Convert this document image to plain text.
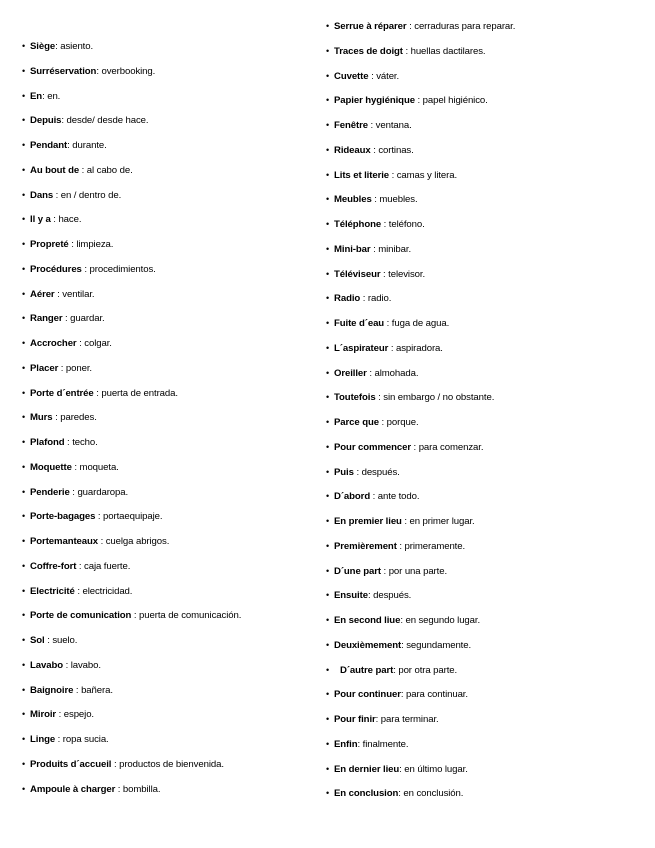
• Siège: asiento.
• Surréservation: overbooking.
• En: en.
• Depuis: desde/ desde hace.
• Pendant: durante.
• Au bout de : al cabo de.
• Dans : en / dentro de.
• Il y a : hace.
• Propreté : limpieza.
• Procédures : procedimientos.
• Aérer : ventilar.
• Ranger : guardar.
• Accrocher : colgar.
• Placer : poner.
• Porte d´entrée : puerta de entrada.
• Murs : paredes.
• Plafond : techo.
• Moquette : moqueta.
• Penderie : guardaropa.
• Porte-bagages : portaequipaje.
• Portemanteaux : cuelga abrigos.
• Coffre-fort : caja fuerte.
• Electricité : electricidad.
• Porte de comunication : puerta de comunicación.
• Sol : suelo.
• Lavabo : lavabo.
• Baignoire : bañera.
• Miroir : espejo.
• Linge : ropa sucia.
• Produits d´accueil : productos de bienvenida.
• Ampoule à charger : bombilla.
• Serrue à réparer : cerraduras para reparar.
• Traces de doigt : huellas dactilares.
• Cuvette : váter.
• Papier hygiénique : papel higiénico.
• Fenêtre : ventana.
• Rideaux : cortinas.
• Lits et literie : camas y litera.
• Meubles : muebles.
• Téléphone : teléfono.
• Mini-bar : minibar.
• Téléviseur : televisor.
• Radio : radio.
• Fuite d´eau : fuga de agua.
• L´aspirateur : aspiradora.
• Oreiller : almohada.
• Toutefois : sin embargo / no obstante.
• Parce que : porque.
• Pour commencer : para comenzar.
• Puis : después.
• D´abord : ante todo.
• En premier lieu : en primer lugar.
• Premièrement : primeramente.
• D´une part : por una parte.
• Ensuite: después.
• En second liue: en segundo lugar.
• Deuxièmement: segundamente.
• D´autre part: por otra parte.
• Pour continuer: para continuar.
• Pour finir: para terminar.
• Enfin: finalmente.
• En dernier lieu: en último lugar.
• En conclusion: en conclusión.
